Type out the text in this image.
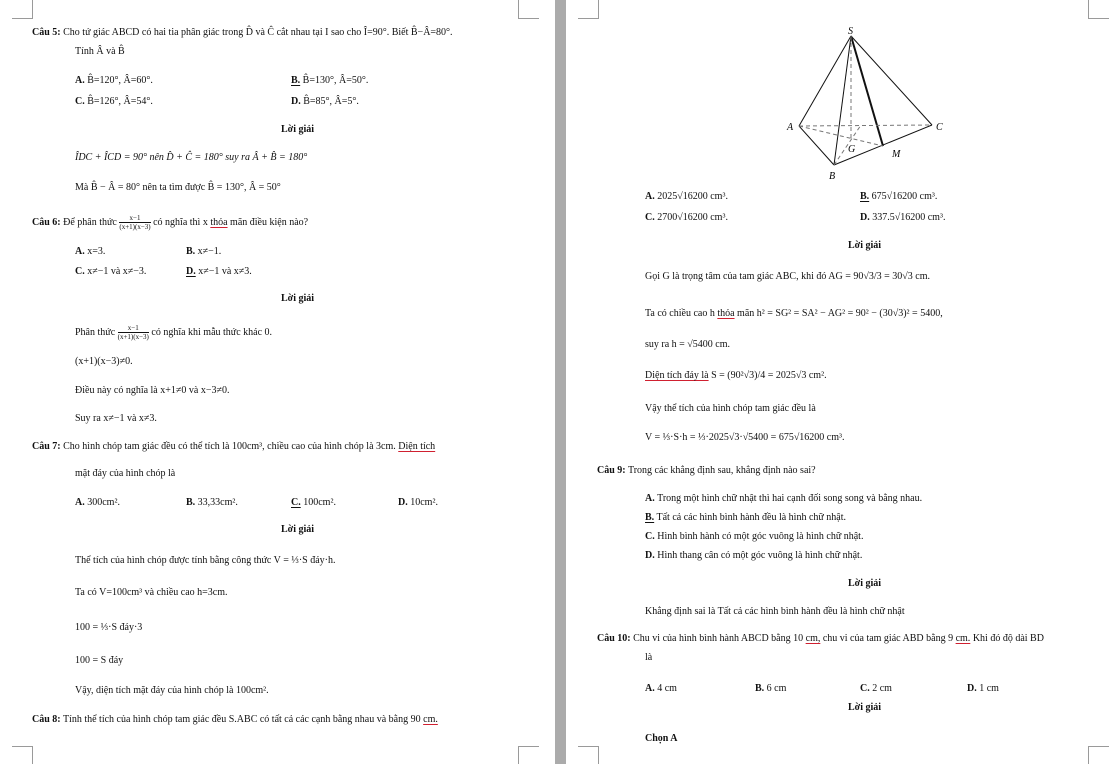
Câu 5: Cho tứ giác ABCD có hai tia phân giác trong D̂ và Ĉ cắt nhau tại I sao cho Î=90°. Biết B̂−Â=80°.
Tính Â và B̂
A. B̂=120°, Â=60°.	B. B̂=130°, Â=50°.
C. B̂=126°, Â=54°.	D. B̂=85°, Â=5°.
Lời giải
ÎDC + ÎCD = 90° nên D̂ + Ĉ = 180° suy ra Â + B̂ = 180°
Mà B̂ − Â = 80° nên ta tìm được B̂ = 130°, Â = 50°
Câu 6: Để phân thức $\frac{x-1}{(x+1)(x-3)}$ có nghĩa thì x thỏa mãn điều kiện nào?
A. x=3.	B. x≠−1.
C. x≠−1 và x≠−3.	D. x≠−1 và x≠3.
Lời giải
Phân thức $\frac{x-1}{(x+1)(x-3)}$ có nghĩa khi mẫu thức khác 0.
(x+1)(x−3)≠0.
Điều này có nghĩa là x+1≠0 và x−3≠0.
Suy ra x≠−1 và x≠3.
Câu 7: Cho hình chóp tam giác đều có thể tích là 100cm³, chiều cao của hình chóp là 3cm. Diện tích
mặt đáy của hình chóp là
A. 300cm².	B. 33,33cm².	C. 100cm².	D. 10cm².
Lời giải
Thể tích của hình chóp được tính bằng công thức V = ⅓·S đáy·h.
Ta có V=100cm³ và chiều cao h=3cm.
100 = ⅓·S đáy·3
100 = S đáy
Vậy, diện tích mặt đáy của hình chóp là 100cm².
Câu 8: Tính thể tích của hình chóp tam giác đều S.ABC có tất cả các cạnh bằng nhau và bằng 90 cm.
S
A
B
C
G	M
A. 2025√16200 cm³.	B. 675√16200 cm³.
C. 2700√16200 cm³.	D. 337.5√16200 cm³.
Lời giải
Gọi G là trọng tâm của tam giác ABC, khi đó AG = 90√3/3 = 30√3 cm.
Ta có chiều cao h thỏa mãn h² = SG² = SA² − AG² = 90² − (30√3)² = 5400,
suy ra h = √5400 cm.
Diện tích đáy là S = (90²√3)/4 = 2025√3 cm².
Vậy thể tích của hình chóp tam giác đều là
V = ⅓·S·h = ⅓·2025√3·√5400 = 675√16200 cm³.
Câu 9: Trong các khẳng định sau, khẳng định nào sai?
A. Trong một hình chữ nhật thì hai cạnh đối song song và bằng nhau.
B. Tất cả các hình bình hành đều là hình chữ nhật.
C. Hình bình hành có một góc vuông là hình chữ nhật.
D. Hình thang cân có một góc vuông là hình chữ nhật.
Lời giải
Khẳng định sai là Tất cả các hình bình hành đều là hình chữ nhật
Câu 10: Chu vi của hình bình hành ABCD bằng 10 cm, chu vi của tam giác ABD bằng 9 cm. Khi đó độ dài BD
là
A. 4 cm	B. 6 cm	C. 2 cm	D. 1 cm
Lời giải
Chọn A
